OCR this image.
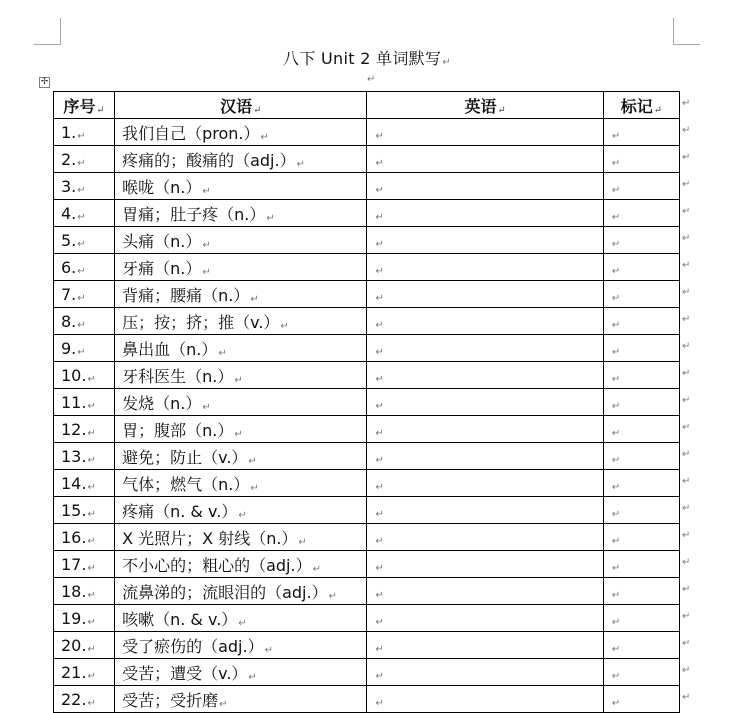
八下 Unit 2 单词默写↵
↵
✢
序号↵	汉语↵	英语↵	标记↵
1.↵	我们自己（pron.）↵	↵	↵
2.↵	疼痛的；酸痛的（adj.）↵	↵	↵
3.↵	喉咙（n.）↵	↵	↵
4.↵	胃痛；肚子疼（n.）↵	↵	↵
5.↵	头痛（n.）↵	↵	↵
6.↵	牙痛（n.）↵	↵	↵
7.↵	背痛；腰痛（n.）↵	↵	↵
8.↵	压；按；挤；推（v.）↵	↵	↵
9.↵	鼻出血（n.）↵	↵	↵
10.↵	牙科医生（n.）↵	↵	↵
11.↵	发烧（n.）↵	↵	↵
12.↵	胃；腹部（n.）↵	↵	↵
13.↵	避免；防止（v.）↵	↵	↵
14.↵	气体；燃气（n.）↵	↵	↵
15.↵	疼痛（n. & v.）↵	↵	↵
16.↵	X 光照片；X 射线（n.）↵	↵	↵
17.↵	不小心的；粗心的（adj.）↵	↵	↵
18.↵	流鼻涕的；流眼泪的（adj.）↵	↵	↵
19.↵	咳嗽（n. & v.）↵	↵	↵
20.↵	受了瘀伤的（adj.）↵	↵	↵
21.↵	受苦；遭受（v.）↵	↵	↵
22.↵	受苦；受折磨↵	↵	↵
↵
↵
↵
↵
↵
↵
↵
↵
↵
↵
↵
↵
↵
↵
↵
↵
↵
↵
↵
↵
↵
↵
↵
